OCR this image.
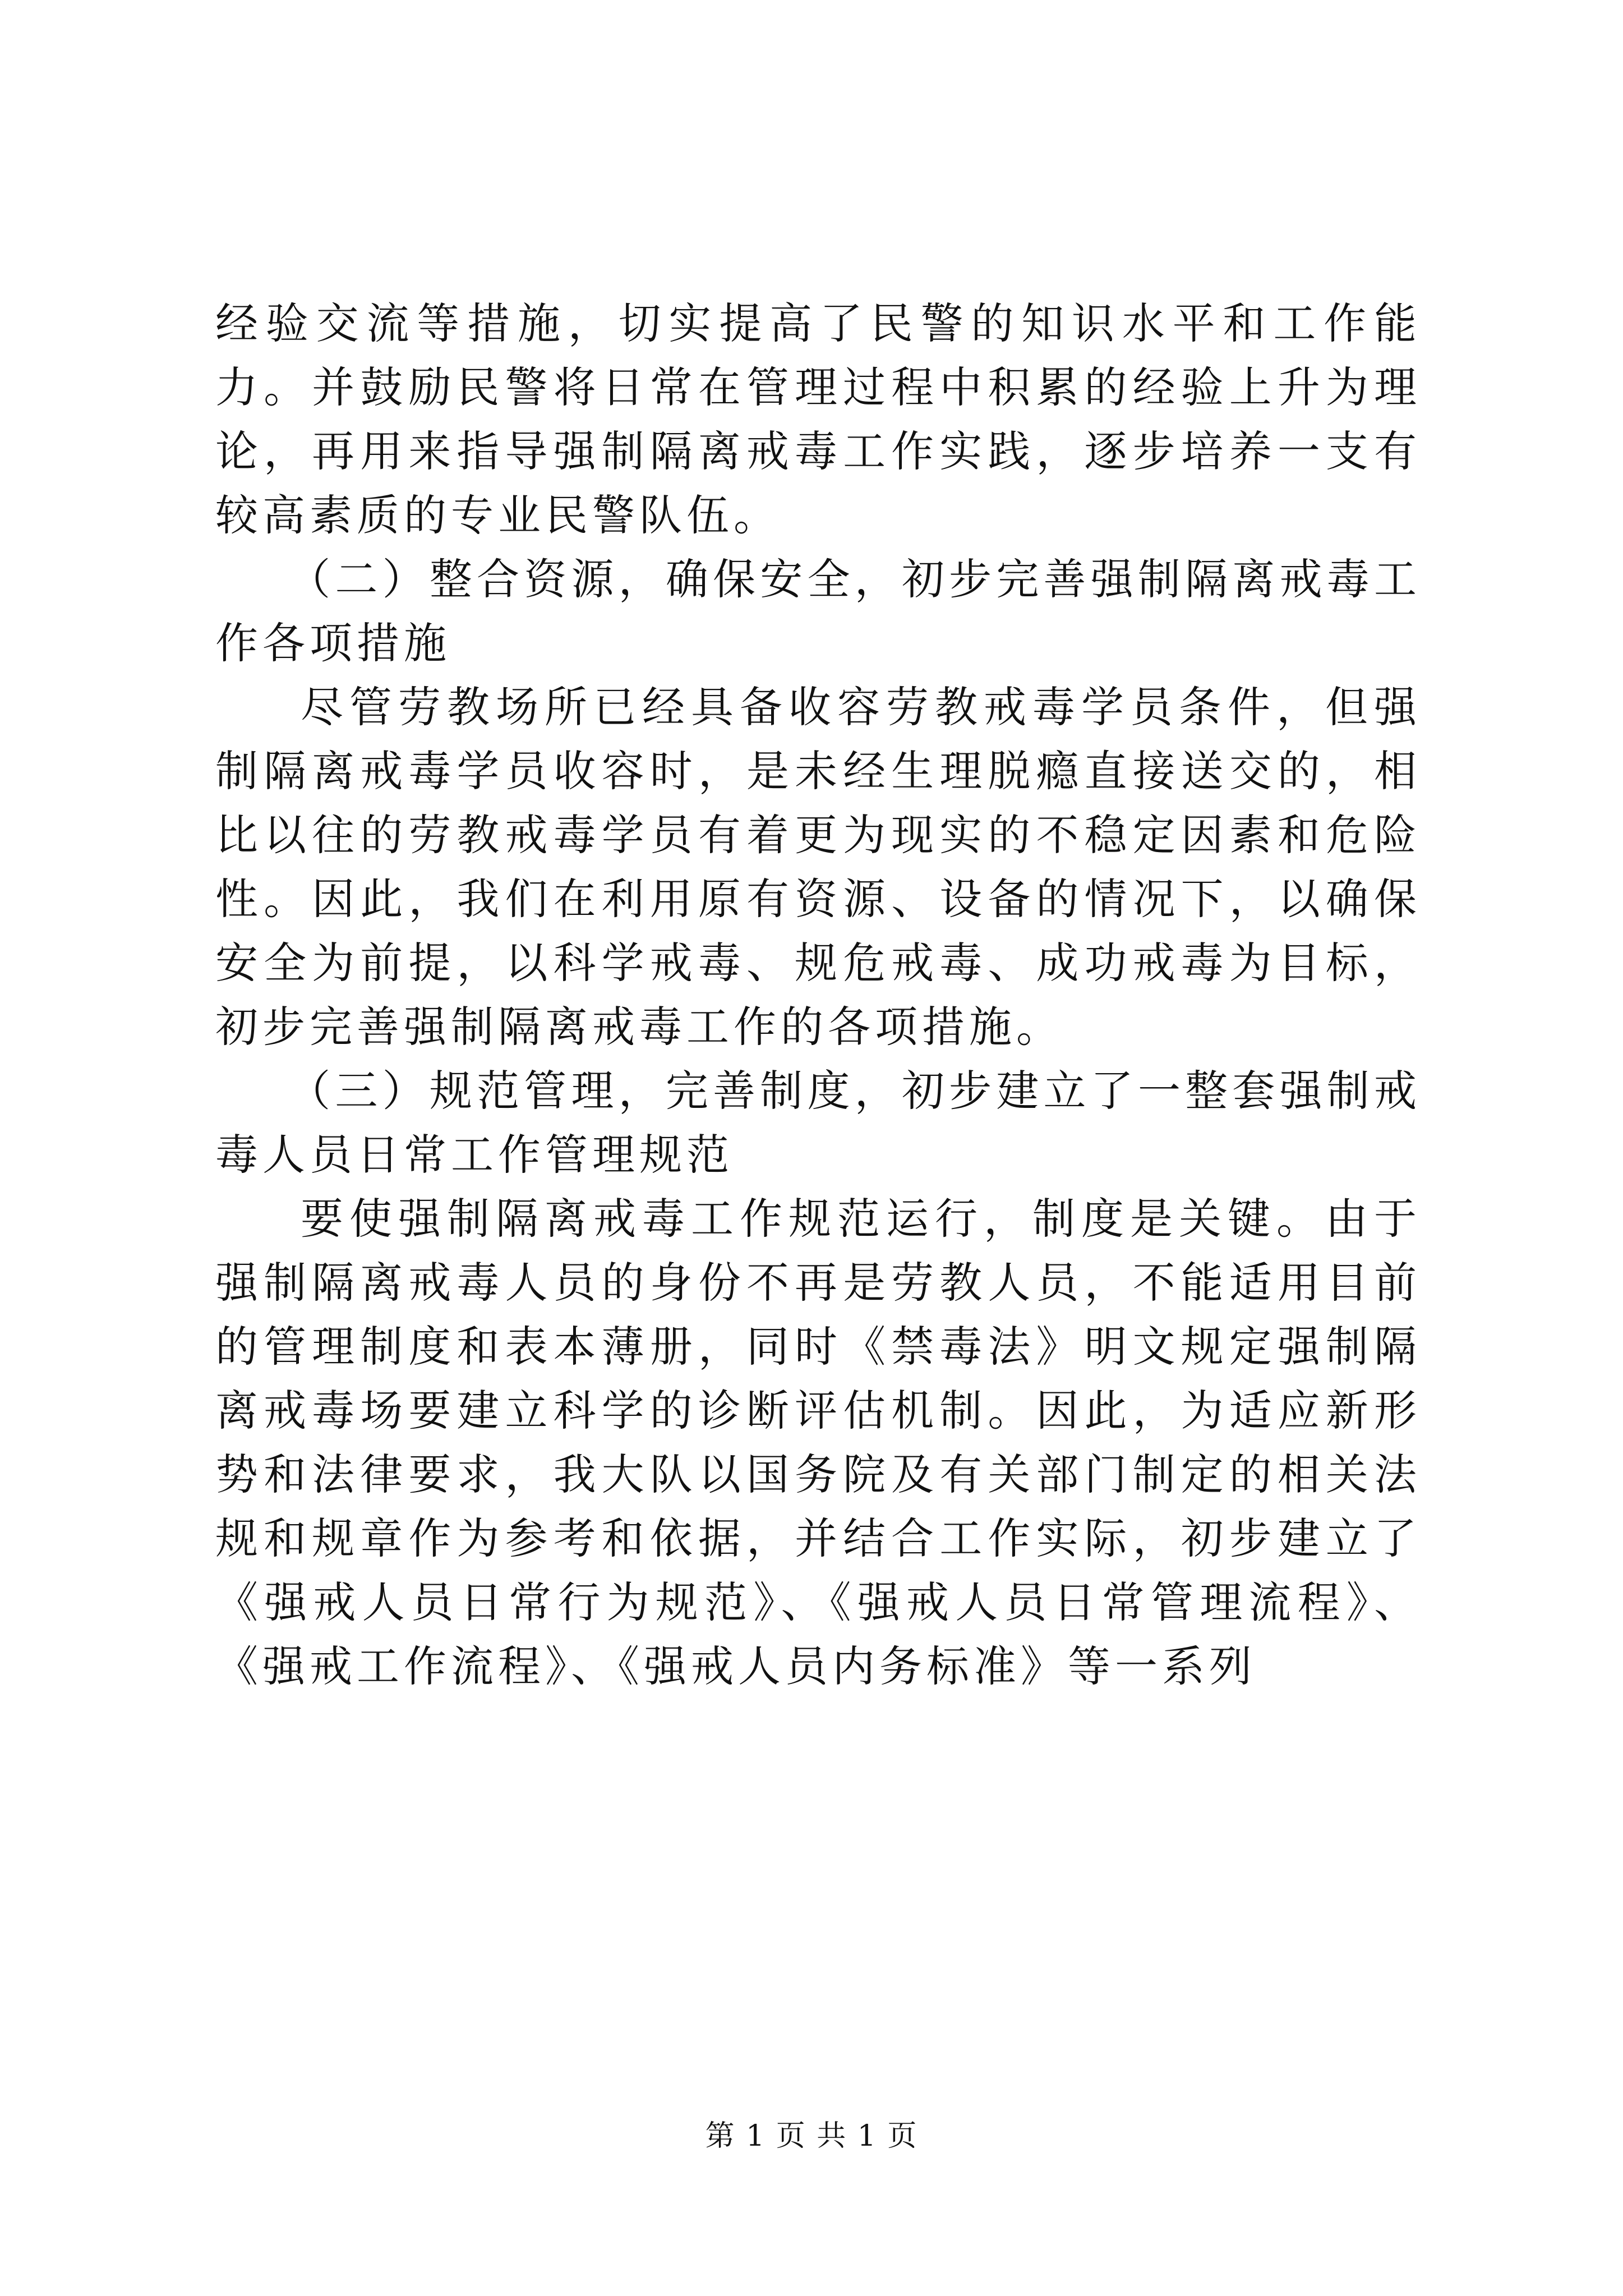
经验交流等措施，切实提高了民警的知识水平和工作能力。并鼓励民警将日常在管理过程中积累的经验上升为理论，再用来指导强制隔离戒毒工作实践，逐步培养一支有较高素质的专业民警队伍。

（二）整合资源，确保安全，初步完善强制隔离戒毒工作各项措施

尽管劳教场所已经具备收容劳教戒毒学员条件，但强制隔离戒毒学员收容时，是未经生理脱瘾直接送交的，相比以往的劳教戒毒学员有着更为现实的不稳定因素和危险性。因此，我们在利用原有资源、设备的情况下，以确保安全为前提，以科学戒毒、规危戒毒、成功戒毒为目标，初步完善强制隔离戒毒工作的各项措施。

（三）规范管理，完善制度，初步建立了一整套强制戒毒人员日常工作管理规范

要使强制隔离戒毒工作规范运行，制度是关键。由于强制隔离戒毒人员的身份不再是劳教人员，不能适用目前的管理制度和表本薄册，同时《禁毒法》明文规定强制隔离戒毒场要建立科学的诊断评估机制。因此，为适应新形势和法律要求，我大队以国务院及有关部门制定的相关法规和规章作为参考和依据，并结合工作实际，初步建立了《强戒人员日常行为规范》、《强戒人员日常管理流程》、《强戒工作流程》、《强戒人员内务标准》等一系列

第 1 页 共 1 页
